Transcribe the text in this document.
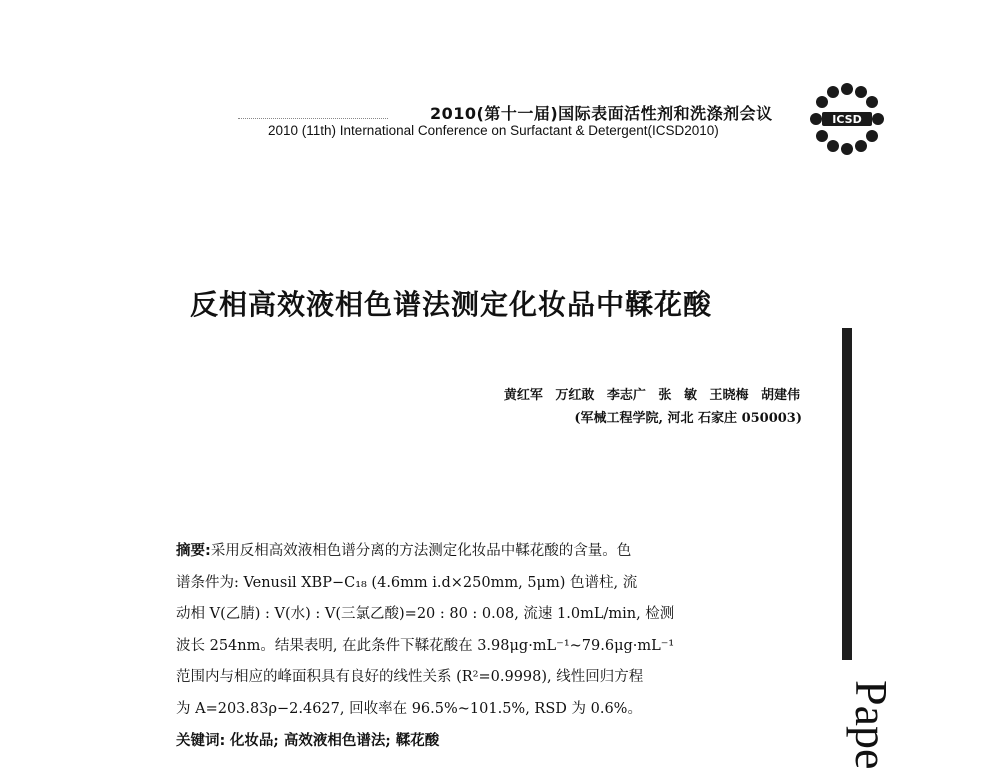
2010(第十一届)国际表面活性剂和洗涤剂会议
2010 (11th) International Conference on Surfactant & Detergent(ICSD2010)
ICSD
反相高效液相色谱法测定化妆品中鞣花酸
黄红军 万红敢 李志广 张 敏 王晓梅 胡建伟
(军械工程学院, 河北 石家庄 050003)

摘要:采用反相高效液相色谱分离的方法测定化妆品中鞣花酸的含量。色

谱条件为: Venusil XBP−C₁₈ (4.6mm i.d×250mm, 5μm) 色谱柱, 流

动相 V(乙腈) : V(水) : V(三氯乙酸)=20 : 80 : 0.08, 流速 1.0mL/min, 检测

波长 254nm。结果表明, 在此条件下鞣花酸在 3.98μg·mL⁻¹~79.6μg·mL⁻¹

范围内与相应的峰面积具有良好的线性关系 (R²=0.9998), 线性回归方程

为 A=203.83ρ−2.4627, 回收率在 96.5%~101.5%, RSD 为 0.6%。

关键词: 化妆品; 高效液相色谱法; 鞣花酸	Pape
